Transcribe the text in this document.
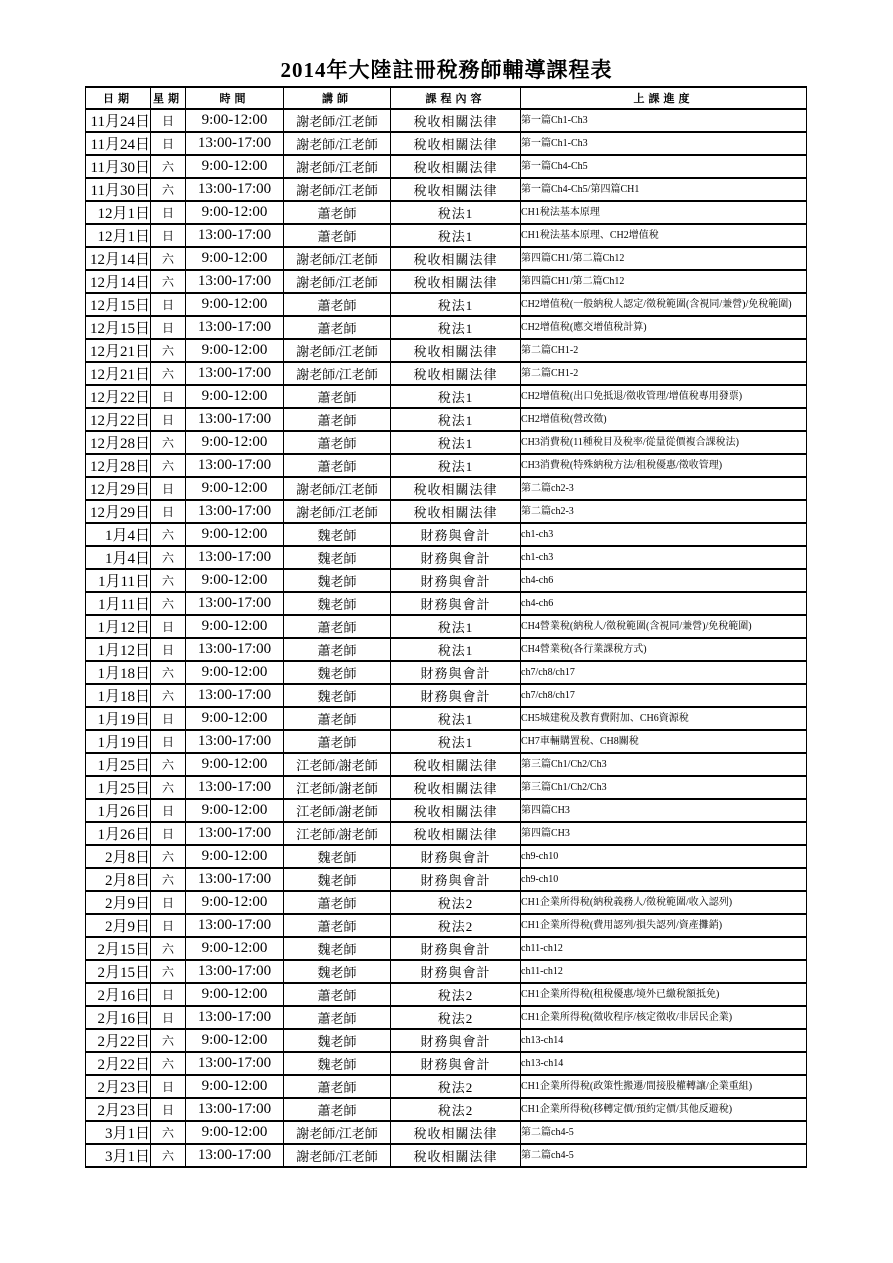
2014年大陸註冊稅務師輔導課程表
日期	星期	時間	講師	課程內容	上課進度
11月24日	日	9:00-12:00	謝老師/江老師	稅收相關法律	第一篇Ch1-Ch3
11月24日	日	13:00-17:00	謝老師/江老師	稅收相關法律	第一篇Ch1-Ch3
11月30日	六	9:00-12:00	謝老師/江老師	稅收相關法律	第一篇Ch4-Ch5
11月30日	六	13:00-17:00	謝老師/江老師	稅收相關法律	第一篇Ch4-Ch5/第四篇CH1
12月1日	日	9:00-12:00	蕭老師	稅法1	CH1稅法基本原理
12月1日	日	13:00-17:00	蕭老師	稅法1	CH1稅法基本原理、CH2增值稅
12月14日	六	9:00-12:00	謝老師/江老師	稅收相關法律	第四篇CH1/第二篇Ch12
12月14日	六	13:00-17:00	謝老師/江老師	稅收相關法律	第四篇CH1/第二篇Ch12
12月15日	日	9:00-12:00	蕭老師	稅法1	CH2增值稅(一般納稅人認定/徵稅範圍(含視同/兼營)/免稅範圍)
12月15日	日	13:00-17:00	蕭老師	稅法1	CH2增值稅(應交增值稅計算)
12月21日	六	9:00-12:00	謝老師/江老師	稅收相關法律	第二篇CH1-2
12月21日	六	13:00-17:00	謝老師/江老師	稅收相關法律	第二篇CH1-2
12月22日	日	9:00-12:00	蕭老師	稅法1	CH2增值稅(出口免抵退/徵收管理/增值稅專用發票)
12月22日	日	13:00-17:00	蕭老師	稅法1	CH2增值稅(營改徵)
12月28日	六	9:00-12:00	蕭老師	稅法1	CH3消費稅(11種稅目及稅率/從量從價複合課稅法)
12月28日	六	13:00-17:00	蕭老師	稅法1	CH3消費稅(特殊納稅方法/租稅優惠/徵收管理)
12月29日	日	9:00-12:00	謝老師/江老師	稅收相關法律	第二篇ch2-3
12月29日	日	13:00-17:00	謝老師/江老師	稅收相關法律	第二篇ch2-3
1月4日	六	9:00-12:00	魏老師	財務與會計	ch1-ch3
1月4日	六	13:00-17:00	魏老師	財務與會計	ch1-ch3
1月11日	六	9:00-12:00	魏老師	財務與會計	ch4-ch6
1月11日	六	13:00-17:00	魏老師	財務與會計	ch4-ch6
1月12日	日	9:00-12:00	蕭老師	稅法1	CH4營業稅(納稅人/徵稅範圍(含視同/兼營)/免稅範圍)
1月12日	日	13:00-17:00	蕭老師	稅法1	CH4營業稅(各行業課稅方式)
1月18日	六	9:00-12:00	魏老師	財務與會計	ch7/ch8/ch17
1月18日	六	13:00-17:00	魏老師	財務與會計	ch7/ch8/ch17
1月19日	日	9:00-12:00	蕭老師	稅法1	CH5城建稅及教育費附加、CH6資源稅
1月19日	日	13:00-17:00	蕭老師	稅法1	CH7車輛購置稅、CH8關稅
1月25日	六	9:00-12:00	江老師/謝老師	稅收相關法律	第三篇Ch1/Ch2/Ch3
1月25日	六	13:00-17:00	江老師/謝老師	稅收相關法律	第三篇Ch1/Ch2/Ch3
1月26日	日	9:00-12:00	江老師/謝老師	稅收相關法律	第四篇CH3
1月26日	日	13:00-17:00	江老師/謝老師	稅收相關法律	第四篇CH3
2月8日	六	9:00-12:00	魏老師	財務與會計	ch9-ch10
2月8日	六	13:00-17:00	魏老師	財務與會計	ch9-ch10
2月9日	日	9:00-12:00	蕭老師	稅法2	CH1企業所得稅(納稅義務人/徵稅範圍/收入認列)
2月9日	日	13:00-17:00	蕭老師	稅法2	CH1企業所得稅(費用認列/損失認列/資產攤銷)
2月15日	六	9:00-12:00	魏老師	財務與會計	ch11-ch12
2月15日	六	13:00-17:00	魏老師	財務與會計	ch11-ch12
2月16日	日	9:00-12:00	蕭老師	稅法2	CH1企業所得稅(租稅優惠/境外已繳稅額抵免)
2月16日	日	13:00-17:00	蕭老師	稅法2	CH1企業所得稅(徵收程序/核定徵收/非居民企業)
2月22日	六	9:00-12:00	魏老師	財務與會計	ch13-ch14
2月22日	六	13:00-17:00	魏老師	財務與會計	ch13-ch14
2月23日	日	9:00-12:00	蕭老師	稅法2	CH1企業所得稅(政策性搬遷/間接股權轉讓/企業重組)
2月23日	日	13:00-17:00	蕭老師	稅法2	CH1企業所得稅(移轉定價/預約定價/其他反避稅)
3月1日	六	9:00-12:00	謝老師/江老師	稅收相關法律	第二篇ch4-5
3月1日	六	13:00-17:00	謝老師/江老師	稅收相關法律	第二篇ch4-5
